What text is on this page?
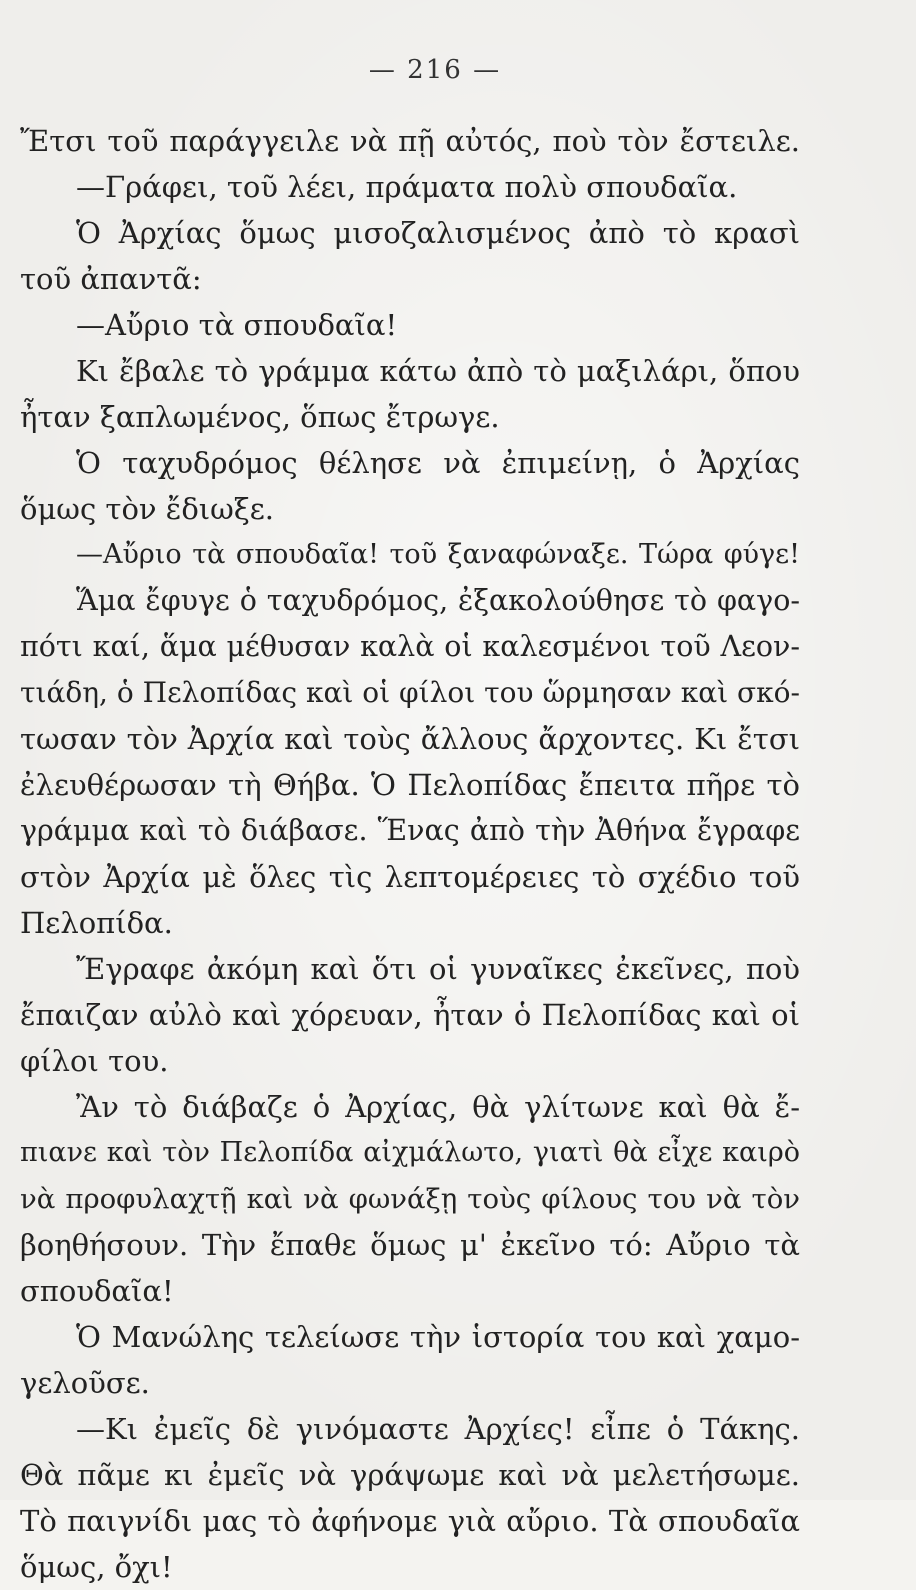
— 216 —
Ἔτσι τοῦ παράγγειλε νὰ πῇ αὐτός, ποὺ τὸν ἔστειλε.
—Γράφει, τοῦ λέει, πράματα πολὺ σπουδαῖα.
Ὁ Ἀρχίας ὅμως μισοζαλισμένος ἀπὸ τὸ κρασὶ
τοῦ ἀπαντᾶ:
—Αὔριο τὰ σπουδαῖα!
Κι ἔβαλε τὸ γράμμα κάτω ἀπὸ τὸ μαξιλάρι, ὅπου
ἦταν ξαπλωμένος, ὅπως ἔτρωγε.
Ὁ ταχυδρόμος θέλησε νὰ ἐπιμείνῃ, ὁ Ἀρχίας
ὅμως τὸν ἔδιωξε.
—Αὔριο τὰ σπουδαῖα! τοῦ ξαναφώναξε. Τώρα φύγε!
Ἅμα ἔφυγε ὁ ταχυδρόμος, ἐξακολούθησε τὸ φαγο-
πότι καί, ἅμα μέθυσαν καλὰ οἱ καλεσμένοι τοῦ Λεον-
τιάδη, ὁ Πελοπίδας καὶ οἱ φίλοι του ὥρμησαν καὶ σκό-
τωσαν τὸν Ἀρχία καὶ τοὺς ἄλλους ἄρχοντες. Κι ἔτσι
ἐλευθέρωσαν τὴ Θήβα. Ὁ Πελοπίδας ἔπειτα πῆρε τὸ
γράμμα καὶ τὸ διάβασε. Ἕνας ἀπὸ τὴν Ἀθήνα ἔγραφε
στὸν Ἀρχία μὲ ὅλες τὶς λεπτομέρειες τὸ σχέδιο τοῦ
Πελοπίδα.
Ἔγραφε ἀκόμη καὶ ὅτι οἱ γυναῖκες ἐκεῖνες, ποὺ
ἔπαιζαν αὐλὸ καὶ χόρευαν, ἦταν ὁ Πελοπίδας καὶ οἱ
φίλοι του.
Ἂν τὸ διάβαζε ὁ Ἀρχίας, θὰ γλίτωνε καὶ θὰ ἔ-
πιανε καὶ τὸν Πελοπίδα αἰχμάλωτο, γιατὶ θὰ εἶχε καιρὸ
νὰ προφυλαχτῇ καὶ νὰ φωνάξῃ τοὺς φίλους του νὰ τὸν
βοηθήσουν. Τὴν ἔπαθε ὅμως μ' ἐκεῖνο τό: Αὔριο τὰ
σπουδαῖα!
Ὁ Μανώλης τελείωσε τὴν ἱστορία του καὶ χαμο-
γελοῦσε.
—Κι ἐμεῖς δὲ γινόμαστε Ἀρχίες! εἶπε ὁ Τάκης.
Θὰ πᾶμε κι ἐμεῖς νὰ γράψωμε καὶ νὰ μελετήσωμε.
Τὸ παιγνίδι μας τὸ ἀφήνομε γιὰ αὔριο. Τὰ σπουδαῖα
ὅμως, ὄχι!
